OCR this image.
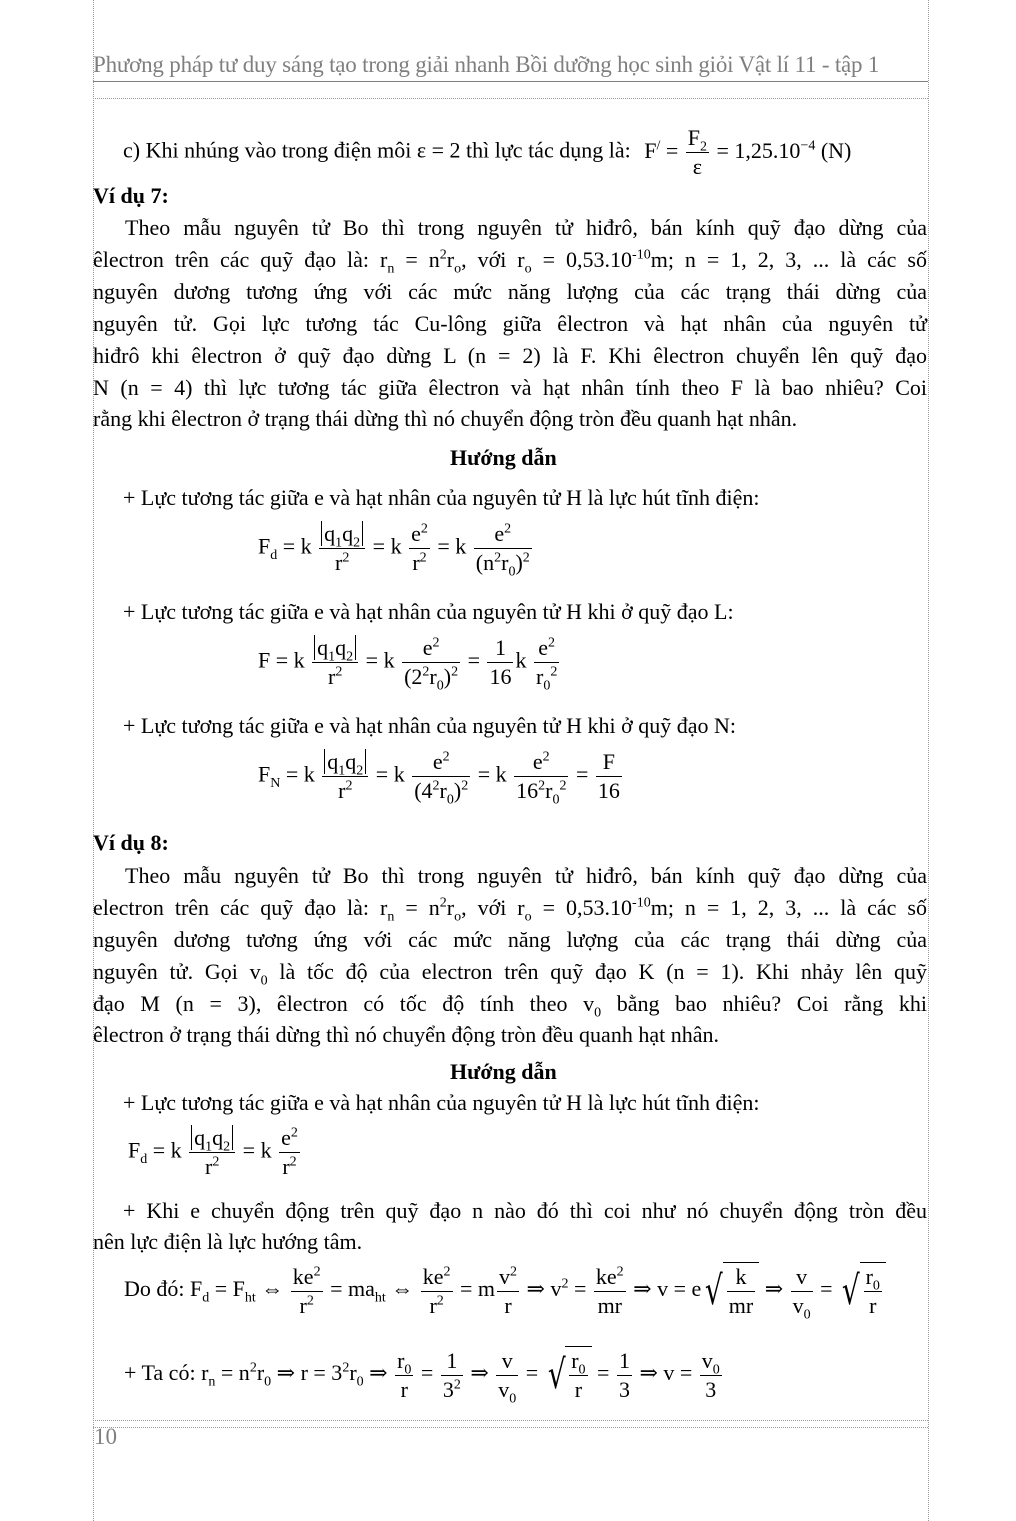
Phương pháp tư duy sáng tạo trong giải nhanh Bồi dưỡng học sinh giỏi Vật lí 11 - tập 1
c) Khi nhúng vào trong điện môi ε = 2 thì lực tác dụng là: $F^/ = \frac{F_2}{\varepsilon} = 1,25.10^{-4}$ (N)
Ví dụ 7:
Theo mẫu nguyên tử Bo thì trong nguyên tử hiđrô, bán kính quỹ đạo dừng của
êlectron trên các quỹ đạo là: $r_n = n^2r_o$, với $r_o = 0,53.10^{-10}m$; n = 1, 2, 3, ... là các số
nguyên dương tương ứng với các mức năng lượng của các trạng thái dừng của
nguyên tử. Gọi lực tương tác Cu-lông giữa êlectron và hạt nhân của nguyên tử
hiđrô khi êlectron ở quỹ đạo dừng L (n = 2) là F. Khi êlectron chuyển lên quỹ đạo
N (n = 4) thì lực tương tác giữa êlectron và hạt nhân tính theo F là bao nhiêu? Coi
rằng khi êlectron ở trạng thái dừng thì nó chuyển động tròn đều quanh hạt nhân.
Hướng dẫn
+ Lực tương tác giữa e và hạt nhân của nguyên tử H là lực hút tĩnh điện:
$F_d = k \frac{q_1q_2}{r^2} = k \frac{e^2}{r^2} = k \frac{e^2}{(n^2r_0)^2}$
+ Lực tương tác giữa e và hạt nhân của nguyên tử H khi ở quỹ đạo L:
F = k $\frac{q_1q_2}{r^2} = k \frac{e^2}{(2^2r_0)^2} = \frac{1}{16}$ k $\frac{e^2}{r_0^2}$
+ Lực tương tác giữa e và hạt nhân của nguyên tử H khi ở quỹ đạo N:
$F_N = k \frac{q_1q_2}{r^2} = k \frac{e^2}{(4^2r_0)^2} = k \frac{e^2}{16^2r_0^2} = \frac{F}{16}$
Ví dụ 8:
Theo mẫu nguyên tử Bo thì trong nguyên tử hiđrô, bán kính quỹ đạo dừng của
electron trên các quỹ đạo là: $r_n = n^2r_o$, với $r_o = 0,53.10^{-10}m$; n = 1, 2, 3, ... là các số
nguyên dương tương ứng với các mức năng lượng của các trạng thái dừng của
nguyên tử. Gọi $v_0$ là tốc độ của electron trên quỹ đạo K (n = 1). Khi nhảy lên quỹ
đạo M (n = 3), êlectron có tốc độ tính theo $v_0$ bằng bao nhiêu? Coi rằng khi
êlectron ở trạng thái dừng thì nó chuyển động tròn đều quanh hạt nhân.
Hướng dẫn
+ Lực tương tác giữa e và hạt nhân của nguyên tử H là lực hút tĩnh điện:
$F_d = k \frac{q_1q_2}{r^2} = k \frac{e^2}{r^2}$
+ Khi e chuyển động trên quỹ đạo n nào đó thì coi như nó chuyển động tròn đều
nên lực điện là lực hướng tâm.
Do đó: $F_d = F_{ht}$ ⇔ $\frac{ke^2}{r^2} = ma_{ht}$ ⇔ $\frac{ke^2}{r^2} = m \frac{v^2}{r}$ ⇒ $v^2 = \frac{ke^2}{mr}$ ⇒ $v = e√ \frac{k}{mr}$ ⇒ $\frac{v}{v_0}$ = √ $\frac{r_0}{r}$
+ Ta có: $r_n = n^2r_0$ ⇒ $r = 3^2r_0$ ⇒ $\frac{r_0}{r} = \frac{1}{3^2}$ ⇒ $\frac{v}{v_0}$ = √ $\frac{r_0}{r} = \frac{1}{3}$ ⇒ $v = \frac{v_0}{3}$
10
